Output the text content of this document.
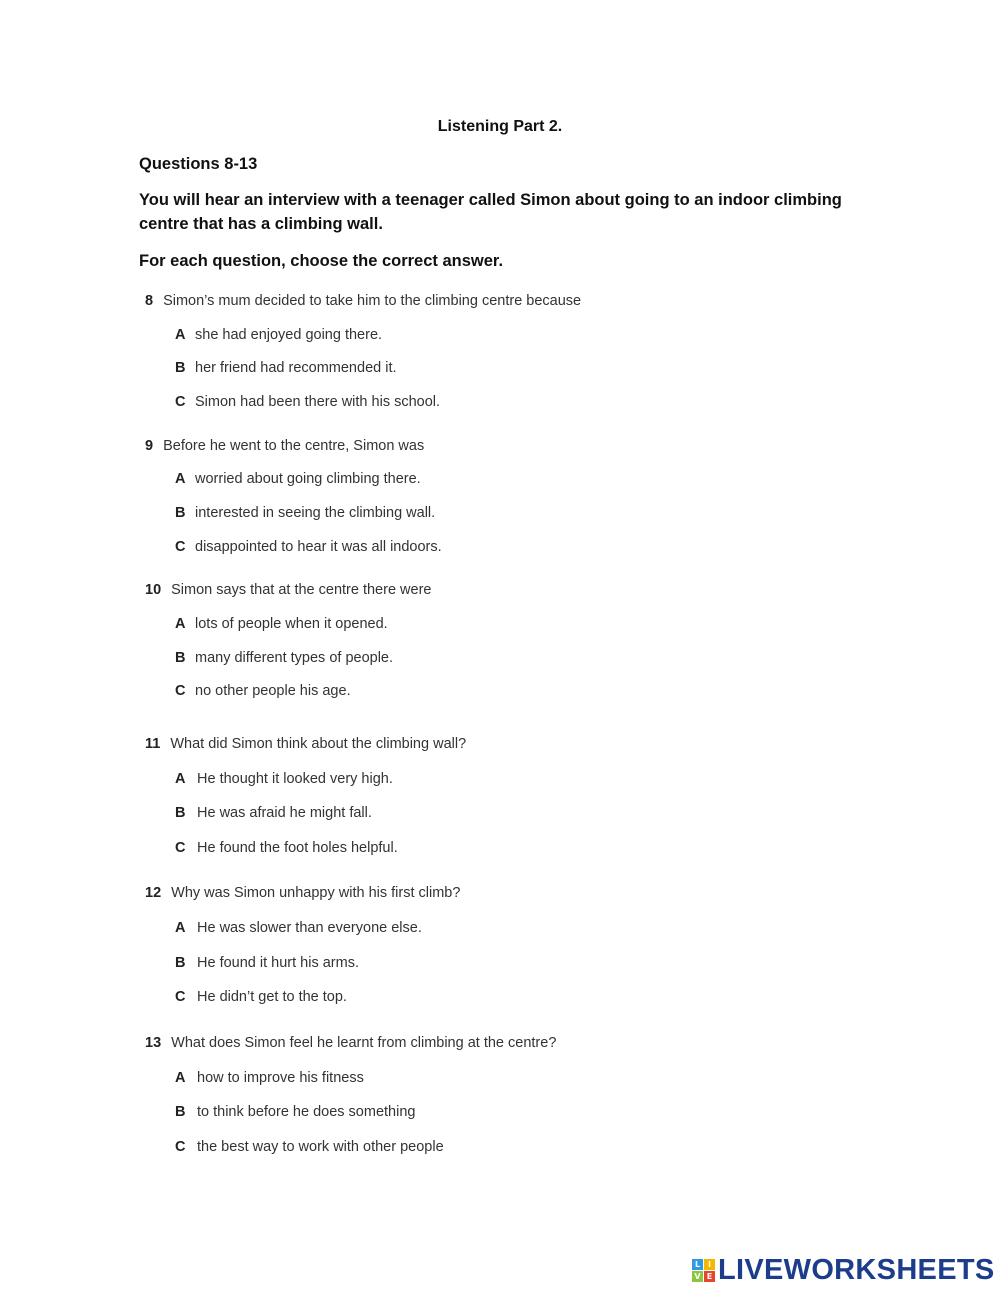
Listening Part 2.
Questions 8-13
You will hear an interview with a teenager called Simon about going to an indoor climbing centre that has a climbing wall.
For each question, choose the correct answer.
8 Simon’s mum decided to take him to the climbing centre because
A she had enjoyed going there.
B her friend had recommended it.
C Simon had been there with his school.
9 Before he went to the centre, Simon was
A worried about going climbing there.
B interested in seeing the climbing wall.
C disappointed to hear it was all indoors.
10 Simon says that at the centre there were
A lots of people when it opened.
B many different types of people.
C no other people his age.
11 What did Simon think about the climbing wall?
A He thought it looked very high.
B He was afraid he might fall.
C He found the foot holes helpful.
12 Why was Simon unhappy with his first climb?
A He was slower than everyone else.
B He found it hurt his arms.
C He didn’t get to the top.
13 What does Simon feel he learnt from climbing at the centre?
A how to improve his fitness
B to think before he does something
C the best way to work with other people
L I
V E LIVEWORKSHEETS
